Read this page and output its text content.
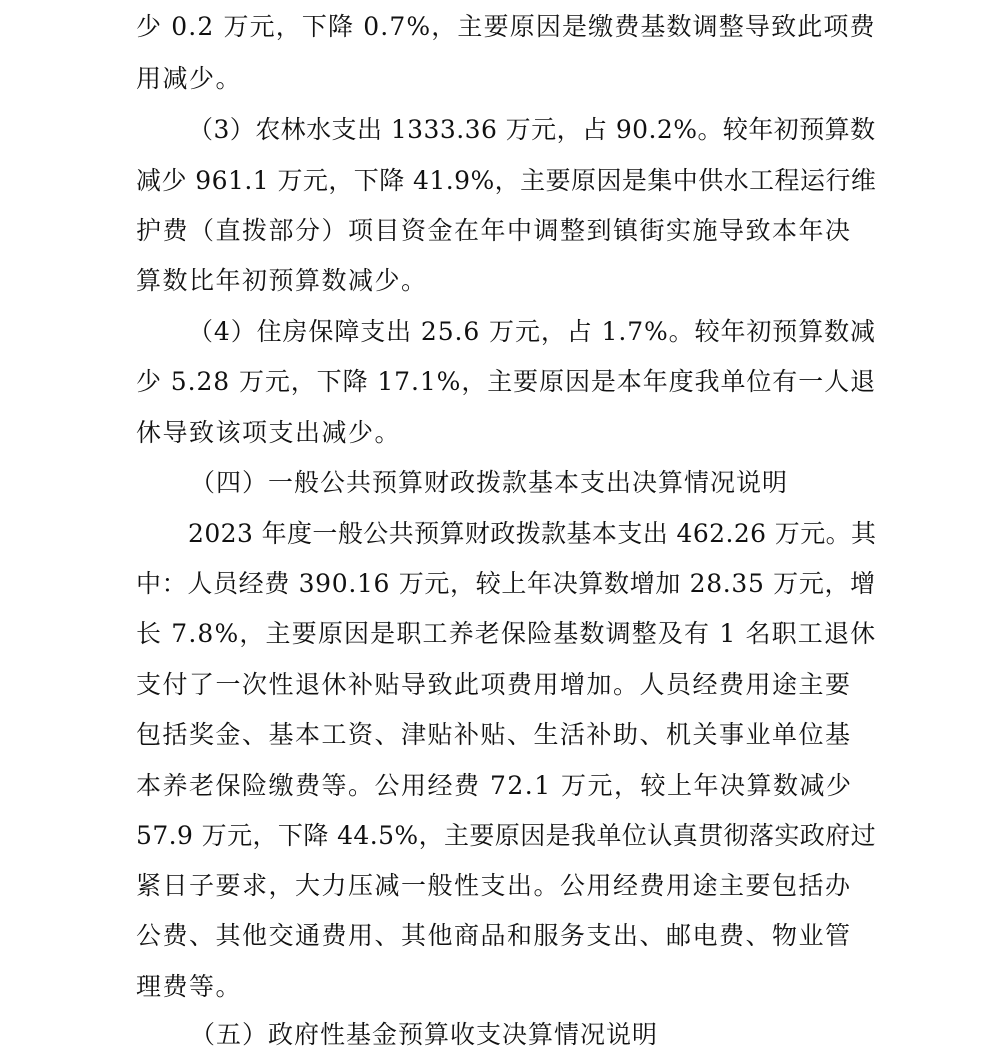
少 0.2 万元，下降 0.7%，主要原因是缴费基数调整导致此项费
用减少。
（3）农林水支出 1333.36 万元，占 90.2%。较年初预算数
减少 961.1 万元，下降 41.9%，主要原因是集中供水工程运行维
护费（直拨部分）项目资金在年中调整到镇街实施导致本年决
算数比年初预算数减少。
（4）住房保障支出 25.6 万元，占 1.7%。较年初预算数减
少 5.28 万元，下降 17.1%，主要原因是本年度我单位有一人退
休导致该项支出减少。
（四）一般公共预算财政拨款基本支出决算情况说明
2023 年度一般公共预算财政拨款基本支出 462.26 万元。其
中：人员经费 390.16 万元，较上年决算数增加 28.35 万元，增
长 7.8%，主要原因是职工养老保险基数调整及有 1 名职工退休
支付了一次性退休补贴导致此项费用增加。人员经费用途主要
包括奖金、基本工资、津贴补贴、生活补助、机关事业单位基
本养老保险缴费等。公用经费 72.1 万元，较上年决算数减少
57.9 万元，下降 44.5%，主要原因是我单位认真贯彻落实政府过
紧日子要求，大力压减一般性支出。公用经费用途主要包括办
公费、其他交通费用、其他商品和服务支出、邮电费、物业管
理费等。
（五）政府性基金预算收支决算情况说明
